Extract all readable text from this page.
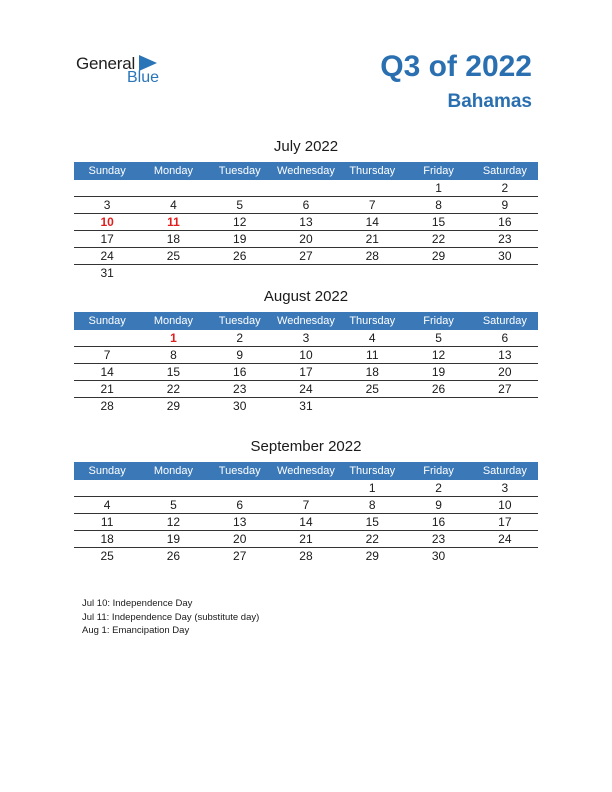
General
Blue	Q3 of 2022
Bahamas
July 2022
Sunday	Monday	Tuesday	Wednesday	Thursday	Friday	Saturday
					1	2
3	4	5	6	7	8	9
10	11	12	13	14	15	16
17	18	19	20	21	22	23
24	25	26	27	28	29	30
31						
August 2022
Sunday	Monday	Tuesday	Wednesday	Thursday	Friday	Saturday
	1	2	3	4	5	6
7	8	9	10	11	12	13
14	15	16	17	18	19	20
21	22	23	24	25	26	27
28	29	30	31			
September 2022
Sunday	Monday	Tuesday	Wednesday	Thursday	Friday	Saturday
				1	2	3
4	5	6	7	8	9	10
11	12	13	14	15	16	17
18	19	20	21	22	23	24
25	26	27	28	29	30	
Jul 10: Independence Day
Jul 11: Independence Day (substitute day)
Aug 1: Emancipation Day
